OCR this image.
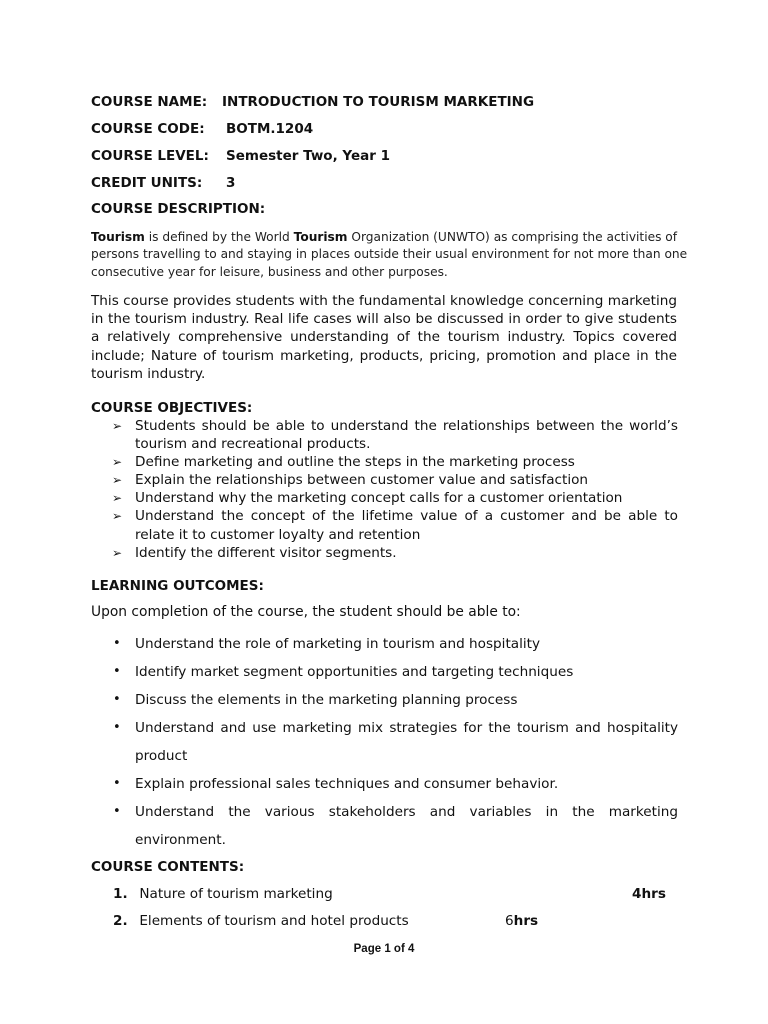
COURSE NAME: INTRODUCTION TO TOURISM MARKETING
COURSE CODE: BOTM.1204
COURSE LEVEL: Semester Two, Year 1
CREDIT UNITS: 3
COURSE DESCRIPTION:
Tourism is defined by the World Tourism Organization (UNWTO) as comprising the activities of persons travelling to and staying in places outside their usual environment for not more than one consecutive year for leisure, business and other purposes.
This course provides students with the fundamental knowledge concerning marketing in the tourism industry. Real life cases will also be discussed in order to give students a relatively comprehensive understanding of the tourism industry. Topics covered include; Nature of tourism marketing, products, pricing, promotion and place in the tourism industry.
COURSE OBJECTIVES:
➢ Students should be able to understand the relationships between the world’s tourism and recreational products.
➢ Define marketing and outline the steps in the marketing process
➢ Explain the relationships between customer value and satisfaction
➢ Understand why the marketing concept calls for a customer orientation
➢ Understand the concept of the lifetime value of a customer and be able to relate it to customer loyalty and retention
➢ Identify the different visitor segments.
LEARNING OUTCOMES:
Upon completion of the course, the student should be able to:
• Understand the role of marketing in tourism and hospitality
• Identify market segment opportunities and targeting techniques
• Discuss the elements in the marketing planning process
• Understand and use marketing mix strategies for the tourism and hospitality product
• Explain professional sales techniques and consumer behavior.
• Understand the various stakeholders and variables in the marketing environment.
COURSE CONTENTS:
1. Nature of tourism marketing	4hrs
2. Elements of tourism and hotel products	6hrs
Page 1 of 4
